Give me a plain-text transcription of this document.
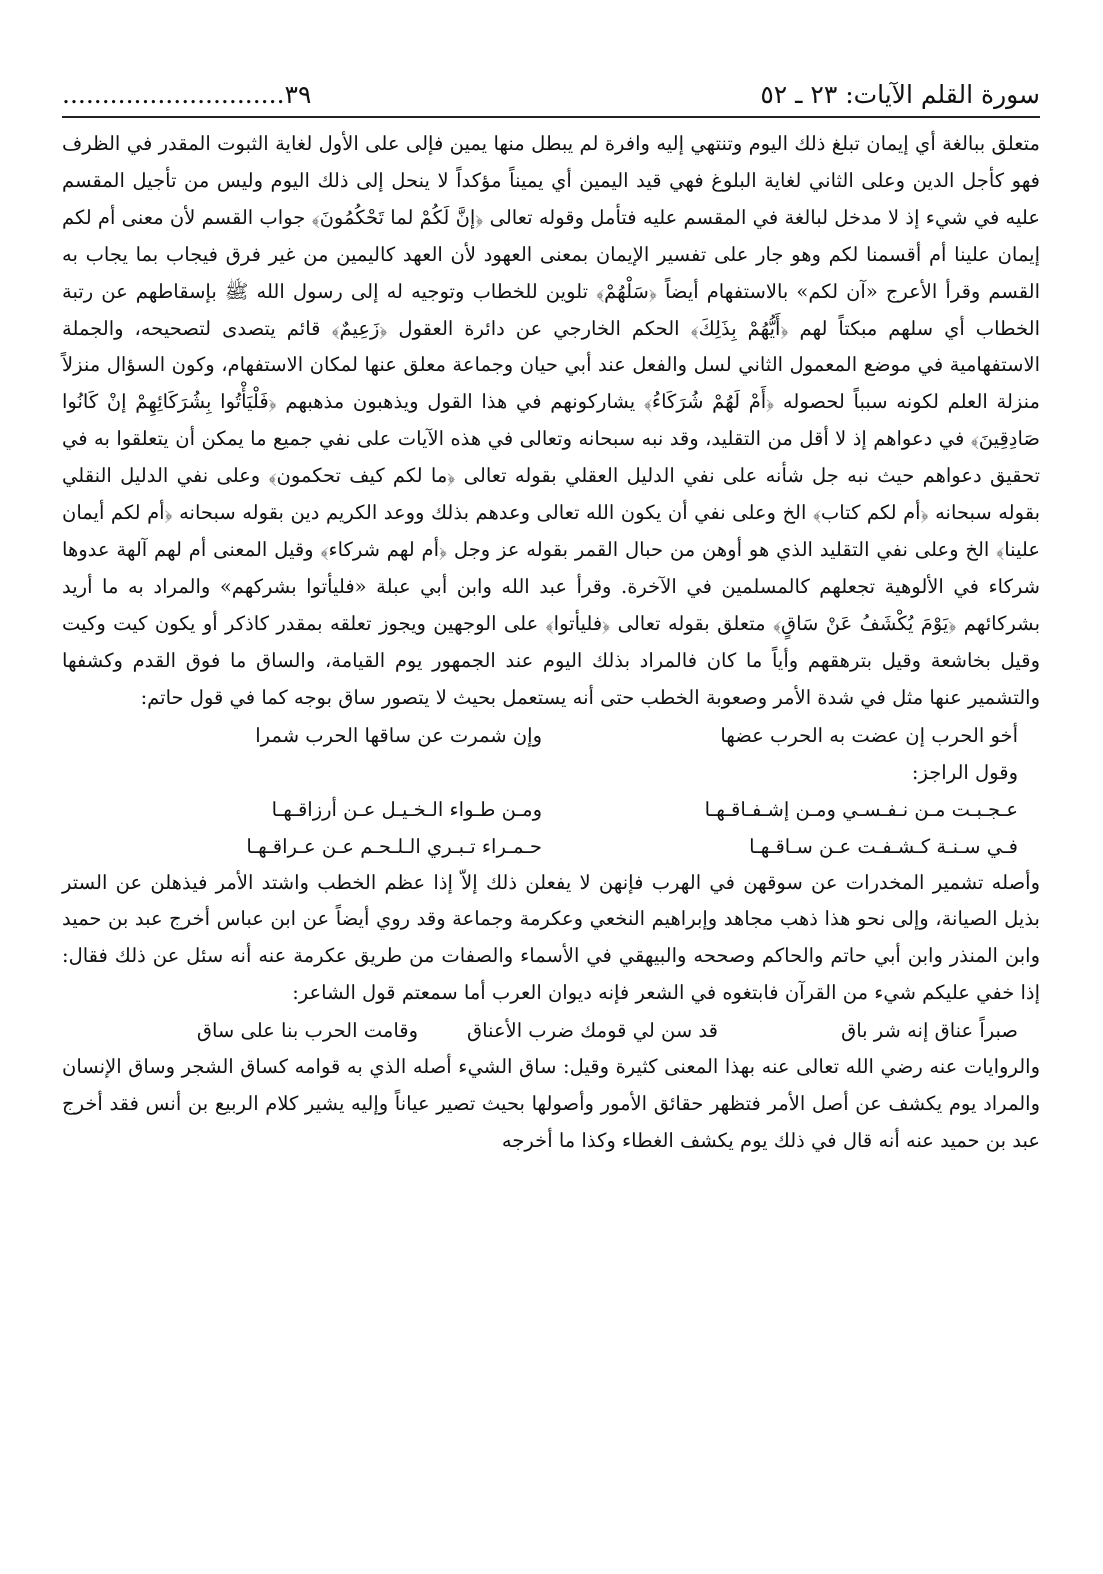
سورة القلم الآيات: ٢٣ ـ ٥٢
٣٩............................

متعلق ببالغة أي إيمان تبلغ ذلك اليوم وتنتهي إليه وافرة لم يبطل منها يمين فإلى على الأول لغاية الثبوت المقدر في الظرف فهو كأجل الدين وعلى الثاني لغاية البلوغ فهي قيد اليمين أي يميناً مؤكداً لا ينحل إلى ذلك اليوم وليس من تأجيل المقسم عليه في شيء إذ لا مدخل لبالغة في المقسم عليه فتأمل وقوله تعالى ﴿إنَّ لَكُمْ لما تَحْكُمُونَ﴾ جواب القسم لأن معنى أم لكم إيمان علينا أم أقسمنا لكم وهو جار على تفسير الإيمان بمعنى العهود لأن العهد كاليمين من غير فرق فيجاب بما يجاب به القسم وقرأ الأعرج «آن لكم» بالاستفهام أيضاً ﴿سَلْهُمْ﴾ تلوين للخطاب وتوجيه له إلى رسول الله ﷺ بإسقاطهم عن رتبة الخطاب أي سلهم مبكتاً لهم ﴿أَيُّهُمْ بِذَلِكَ﴾ الحكم الخارجي عن دائرة العقول ﴿زَعِيمٌ﴾ قائم يتصدى لتصحيحه، والجملة الاستفهامية في موضع المعمول الثاني لسل والفعل عند أبي حيان وجماعة معلق عنها لمكان الاستفهام، وكون السؤال منزلاً منزلة العلم لكونه سبباً لحصوله ﴿أَمْ لَهُمْ شُرَكَاءُ﴾ يشاركونهم في هذا القول ويذهبون مذهبهم ﴿فَلْيَأْتُوا بِشُرَكَائِهِمْ إنْ كَانُوا صَادِقِينَ﴾ في دعواهم إذ لا أقل من التقليد، وقد نبه سبحانه وتعالى في هذه الآيات على نفي جميع ما يمكن أن يتعلقوا به في تحقيق دعواهم حيث نبه جل شأنه على نفي الدليل العقلي بقوله تعالى ﴿ما لكم كيف تحكمون﴾ وعلى نفي الدليل النقلي بقوله سبحانه ﴿أم لكم كتاب﴾ الخ وعلى نفي أن يكون الله تعالى وعدهم بذلك ووعد الكريم دين بقوله سبحانه ﴿أم لكم أيمان علينا﴾ الخ وعلى نفي التقليد الذي هو أوهن من حبال القمر بقوله عز وجل ﴿أم لهم شركاء﴾ وقيل المعنى أم لهم آلهة عدوها شركاء في الألوهية تجعلهم كالمسلمين في الآخرة. وقرأ عبد الله وابن أبي عبلة «فليأتوا بشركهم» والمراد به ما أريد بشركائهم ﴿يَوْمَ يُكْشَفُ عَنْ سَاقٍ﴾ متعلق بقوله تعالى ﴿فليأتوا﴾ على الوجهين ويجوز تعلقه بمقدر كاذكر أو يكون كيت وكيت وقيل بخاشعة وقيل بترهقهم وأياً ما كان فالمراد بذلك اليوم عند الجمهور يوم القيامة، والساق ما فوق القدم وكشفها والتشمير عنها مثل في شدة الأمر وصعوبة الخطب حتى أنه يستعمل بحيث لا يتصور ساق بوجه كما في قول حاتم:

أخو الحرب إن عضت به الحرب عضها
وإن شمرت عن ساقها الحرب شمرا
وقول الراجز:
عـجـبـت مـن نـفـسـي ومـن إشـفـاقـهـا
ومـن طـواء الـخـيـل عـن أرزاقـهـا
فـي سـنـة كـشـفـت عـن سـاقـهـا
حـمـراء تـبـري الـلـحـم عـن عـراقـهـا

وأصله تشمير المخدرات عن سوقهن في الهرب فإنهن لا يفعلن ذلك إلاّ إذا عظم الخطب واشتد الأمر فيذهلن عن الستر بذيل الصيانة، وإلى نحو هذا ذهب مجاهد وإبراهيم النخعي وعكرمة وجماعة وقد روي أيضاً عن ابن عباس أخرج عبد بن حميد وابن المنذر وابن أبي حاتم والحاكم وصححه والبيهقي في الأسماء والصفات من طريق عكرمة عنه أنه سئل عن ذلك فقال: إذا خفي عليكم شيء من القرآن فابتغوه في الشعر فإنه ديوان العرب أما سمعتم قول الشاعر:

صبراً عناق إنه شر باق
قد سن لي قومك ضرب الأعناق
وقامت الحرب بنا على ساق

والروايات عنه رضي الله تعالى عنه بهذا المعنى كثيرة وقيل: ساق الشيء أصله الذي به قوامه كساق الشجر وساق الإنسان والمراد يوم يكشف عن أصل الأمر فتظهر حقائق الأمور وأصولها بحيث تصير عياناً وإليه يشير كلام الربيع بن أنس فقد أخرج عبد بن حميد عنه أنه قال في ذلك يوم يكشف الغطاء وكذا ما أخرجه
